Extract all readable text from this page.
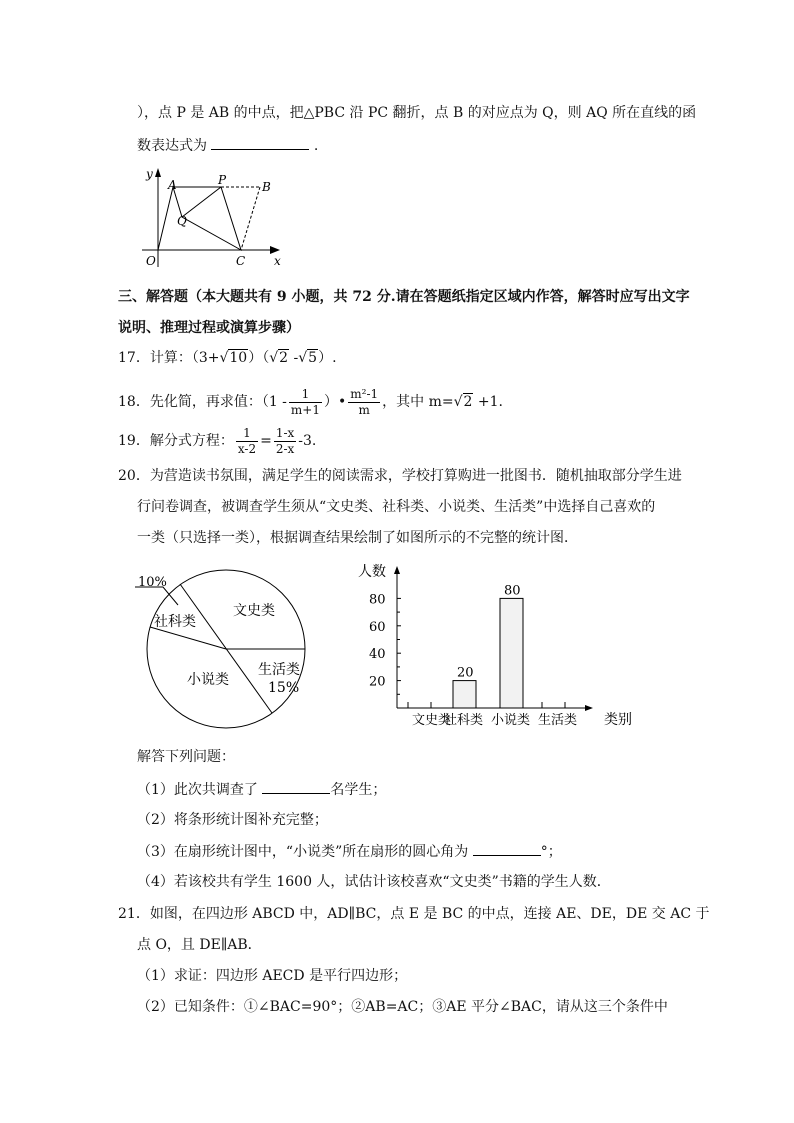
），点 P 是 AB 的中点，把△PBC 沿 PC 翻折，点 B 的对应点为 Q，则 AQ 所在直线的函
数表达式为	.
y
x
O
A	P	B
Q
C
三、解答题（本大题共有 9 小题，共 72 分.请在答题纸指定区域内作答，解答时应写出文字
说明、推理过程或演算步骤）
17．计算：（3+√10）（√2 -√5）.
18．先化简，再求值：（$1 - \frac{1}{m+1}$ ）• $\frac{\text{m²-1}}{m}$ ，其中 m=√2 +1.
19．解分式方程： $\frac{1}{x-2} = \frac{1-x}{2-x} -3$.
20．为营造读书氛围，满足学生的阅读需求，学校打算购进一批图书．随机抽取部分学生进
行问卷调查，被调查学生须从“文史类、社科类、小说类、生活类”中选择自己喜欢的
一类（只选择一类），根据调查结果绘制了如图所示的不完整的统计图．
10%
社科类
文史类
小说类
生活类
15%
人数
类别
20
40
60
80
文史类
社科类
20
小说类
80
生活类
解答下列问题：
（1）此次共调查了	名学生；
（2）将条形统计图补充完整；
（3）在扇形统计图中，“小说类”所在扇形的圆心角为	°；
（4）若该校共有学生 1600 人，试估计该校喜欢“文史类”书籍的学生人数．
21．如图，在四边形 ABCD 中，AD∥BC，点 E 是 BC 的中点，连接 AE、DE，DE 交 AC 于
点 O，且 DE∥AB．
（1）求证：四边形 AECD 是平行四边形；
（2）已知条件：①∠BAC=90°；②AB=AC；③AE 平分∠BAC，请从这三个条件中
